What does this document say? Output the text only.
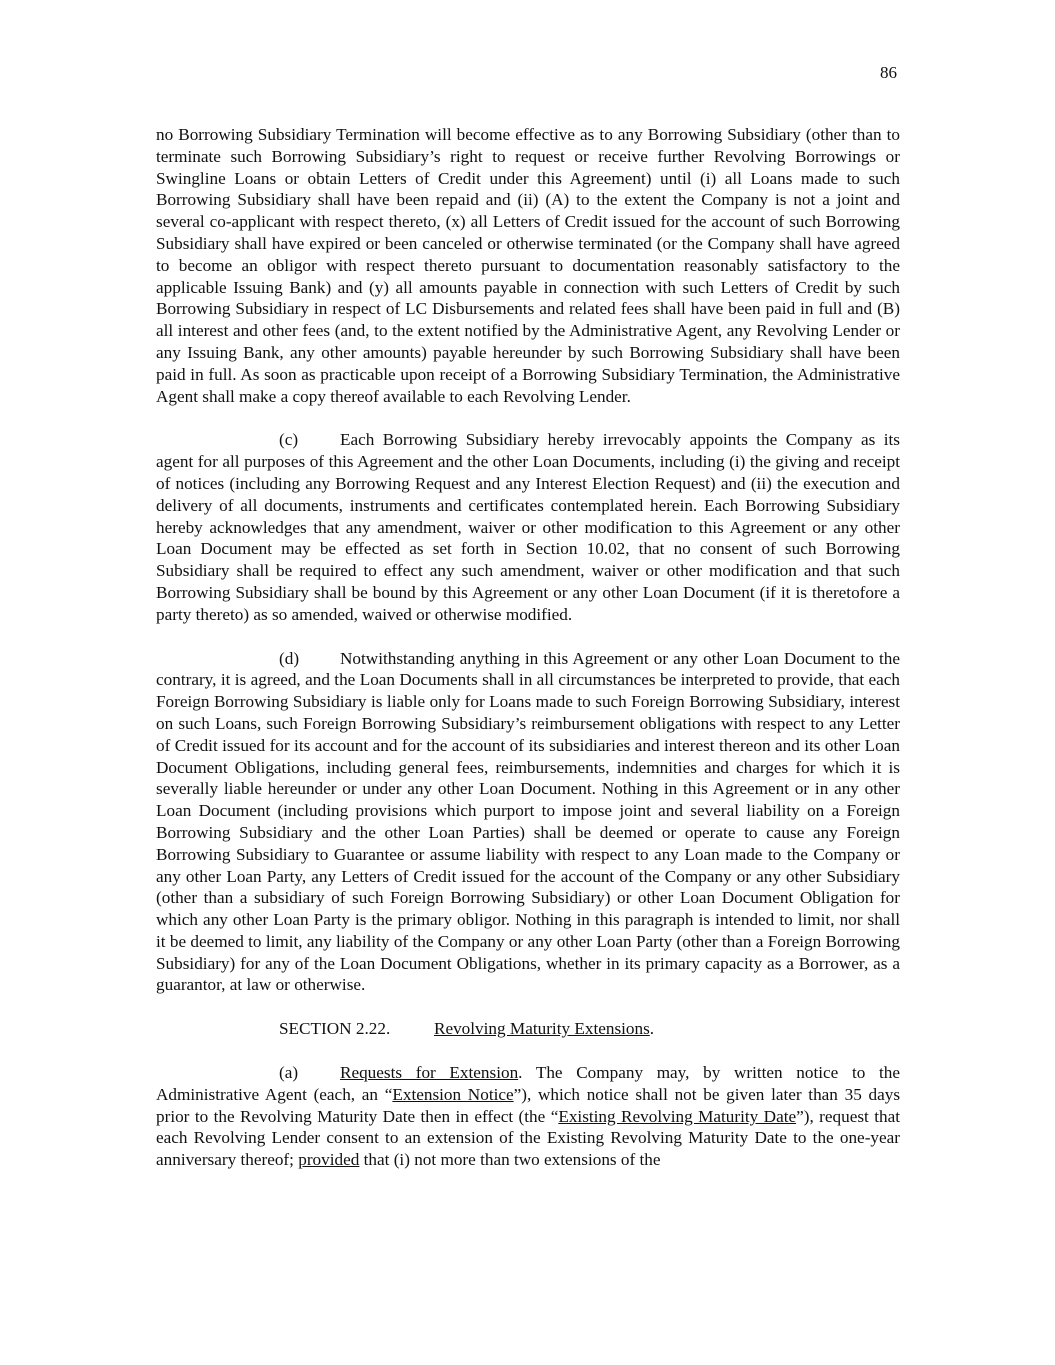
86

no Borrowing Subsidiary Termination will become effective as to any Borrowing Subsidiary (other than to terminate such Borrowing Subsidiary’s right to request or receive further Revolving Borrowings or Swingline Loans or obtain Letters of Credit under this Agreement) until (i) all Loans made to such Borrowing Subsidiary shall have been repaid and (ii) (A) to the extent the Company is not a joint and several co-applicant with respect thereto, (x) all Letters of Credit issued for the account of such Borrowing Subsidiary shall have expired or been canceled or otherwise terminated (or the Company shall have agreed to become an obligor with respect thereto pursuant to documentation reasonably satisfactory to the applicable Issuing Bank) and (y) all amounts payable in connection with such Letters of Credit by such Borrowing Subsidiary in respect of LC Disbursements and related fees shall have been paid in full and (B) all interest and other fees (and, to the extent notified by the Administrative Agent, any Revolving Lender or any Issuing Bank, any other amounts) payable hereunder by such Borrowing Subsidiary shall have been paid in full. As soon as practicable upon receipt of a Borrowing Subsidiary Termination, the Administrative Agent shall make a copy thereof available to each Revolving Lender.

(c) Each Borrowing Subsidiary hereby irrevocably appoints the Company as its agent for all purposes of this Agreement and the other Loan Documents, including (i) the giving and receipt of notices (including any Borrowing Request and any Interest Election Request) and (ii) the execution and delivery of all documents, instruments and certificates contemplated herein. Each Borrowing Subsidiary hereby acknowledges that any amendment, waiver or other modification to this Agreement or any other Loan Document may be effected as set forth in Section 10.02, that no consent of such Borrowing Subsidiary shall be required to effect any such amendment, waiver or other modification and that such Borrowing Subsidiary shall be bound by this Agreement or any other Loan Document (if it is theretofore a party thereto) as so amended, waived or otherwise modified.

(d) Notwithstanding anything in this Agreement or any other Loan Document to the contrary, it is agreed, and the Loan Documents shall in all circumstances be interpreted to provide, that each Foreign Borrowing Subsidiary is liable only for Loans made to such Foreign Borrowing Subsidiary, interest on such Loans, such Foreign Borrowing Subsidiary’s reimbursement obligations with respect to any Letter of Credit issued for its account and for the account of its subsidiaries and interest thereon and its other Loan Document Obligations, including general fees, reimbursements, indemnities and charges for which it is severally liable hereunder or under any other Loan Document. Nothing in this Agreement or in any other Loan Document (including provisions which purport to impose joint and several liability on a Foreign Borrowing Subsidiary and the other Loan Parties) shall be deemed or operate to cause any Foreign Borrowing Subsidiary to Guarantee or assume liability with respect to any Loan made to the Company or any other Loan Party, any Letters of Credit issued for the account of the Company or any other Subsidiary (other than a subsidiary of such Foreign Borrowing Subsidiary) or other Loan Document Obligation for which any other Loan Party is the primary obligor. Nothing in this paragraph is intended to limit, nor shall it be deemed to limit, any liability of the Company or any other Loan Party (other than a Foreign Borrowing Subsidiary) for any of the Loan Document Obligations, whether in its primary capacity as a Borrower, as a guarantor, at law or otherwise.

SECTION 2.22.	Revolving Maturity Extensions.

(a) Requests for Extension. The Company may, by written notice to the Administrative Agent (each, an “Extension Notice”), which notice shall not be given later than 35 days prior to the Revolving Maturity Date then in effect (the “Existing Revolving Maturity Date”), request that each Revolving Lender consent to an extension of the Existing Revolving Maturity Date to the one-year anniversary thereof; provided that (i) not more than two extensions of the
